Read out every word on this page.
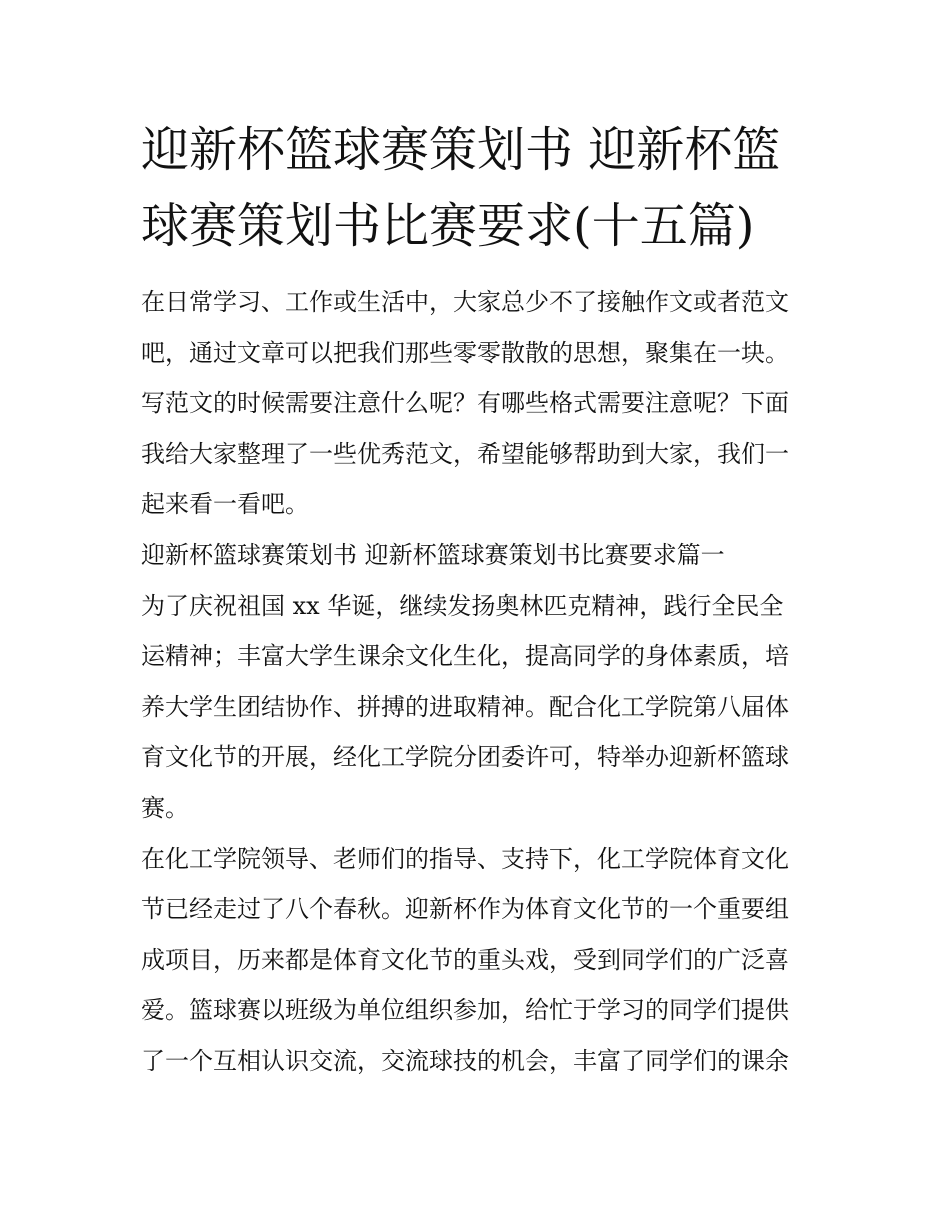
迎新杯篮球赛策划书 迎新杯篮
球赛策划书比赛要求(十五篇)
在日常学习、工作或生活中，大家总少不了接触作文或者范文
吧，通过文章可以把我们那些零零散散的思想，聚集在一块。
写范文的时候需要注意什么呢？有哪些格式需要注意呢？下面
我给大家整理了一些优秀范文，希望能够帮助到大家，我们一
起来看一看吧。
迎新杯篮球赛策划书 迎新杯篮球赛策划书比赛要求篇一
为了庆祝祖国 xx 华诞，继续发扬奥林匹克精神，践行全民全
运精神；丰富大学生课余文化生化，提高同学的身体素质，培
养大学生团结协作、拼搏的进取精神。配合化工学院第八届体
育文化节的开展，经化工学院分团委许可，特举办迎新杯篮球
赛。
在化工学院领导、老师们的指导、支持下，化工学院体育文化
节已经走过了八个春秋。迎新杯作为体育文化节的一个重要组
成项目，历来都是体育文化节的重头戏，受到同学们的广泛喜
爱。篮球赛以班级为单位组织参加，给忙于学习的同学们提供
了一个互相认识交流，交流球技的机会，丰富了同学们的课余
